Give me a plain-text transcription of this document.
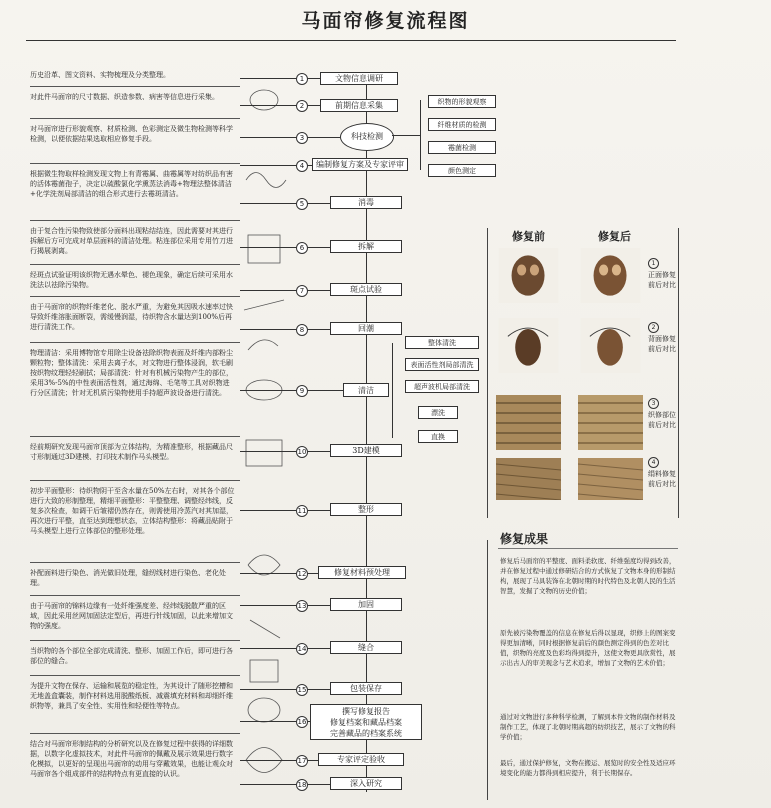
马面帘修复流程图
历史沿革、图文资料、实物梳理及分类整理。
对此件马面帘的尺寸数据、织造参数、病害等信息进行采集。
对马面帘进行形貌观察、材质检测、色彩测定及微生物检测等科学检测，以便依据结果选取相应修复手段。
根据微生物取样检测发现文物上有青霉属、曲霉属等对纺织品有害的活体霉菌孢子，决定以硫酸氯化学熏蒸法消毒+物理法整体清洁+化学洗剂局部清洁的组合形式进行去霉斑清洁。
由于复合性污染物致使部分面料出现粘结结连，因此需要对其进行拆解后方可完成对单层面料的清洁处理。粘连部位采用专用竹刀进行揭展剥离。
经斑点试验证明该织物无遇水晕色、褪色现象，确定后续可采用水洗法以祛除污染物。
由于马面帘的织物纤维老化、脱水严重，为避免其因吸水速率过快导致纤维溶胀面断裂，需缓慢润湿，待织物含水量达到100%后再进行清洗工作。
物理清洁：采用博物馆专用除尘设备祛除织物表面及纤维内部粉尘颗粒物；整体清洗：采用去离子水，对文物进行整体浸润，软毛刷按织物纹理轻轻刷拭；局部清洗：针对有机械污染物产生的部位，采用3%-5%的中性表面活性剂，通过海绵、毛笔等工具对织物进行分区清洗；针对无机质污染物使用手持超声波设备进行清洗。
经前期研究发现马面帘顶部为立体结构，为精准整形，根据藏品尺寸形制通过3D建模、打印技术制作马头模型。
初步平面整形：待织物阴干至含水量在50%左右时，对其各个部位进行大致的形制整理，精细平面整形：平整整理、调整经纬线，反复多次检查，如调干后皱褶仍然存在，则需使用冷蒸汽对其加湿，再次进行平整，直至达到理想状态，立体结构整形：将藏品贴附于马头模型上进行立体部位的整形处理。
补配面料进行染色、消光做旧处理，缝纫线材进行染色、老化处理。
由于马面帘的锦料边缘有一处纤维强度差、经纬线脱散严重的区域，因此采用丝网加固法定型后，再进行针线加固，以此来增加文物的强度。
当织物的各个部位全部完成清洗、整形、加固工作后，即可进行各部位的缝合。
为提升文物在保存、运输和展览的稳定性，为其设计了随形挖槽和无地盖盒囊装，制作材料选用脱酸纸板、减震填充材料和却细纤维织物等，兼具了安全性、实用性和轻便性等特点。
结合对马面帘形制结构的分析研究以及在修复过程中获得的详细数据，以数字化虚拟技术，对此件马面帘的佩戴及展示效果进行数字化模拟，以更好的呈现出马面帘的动用与穿戴效果，也能让观众对马面帘各个组成部件的结构特点有更直接的认识。
文物信息调研
1
前期信息采集
2
科技检测
3
编制修复方案及专家评审
4
消毒
5
拆解
6
斑点试验
7
回潮
8
清洁
9
3D建模
10
整形
11
修复材料预处理
12
加固
13
缝合
14
包装保存
15
撰写修复报告
修复档案和藏品档案
完善藏品的档案系统
16
专家评定验收
17
深入研究
18
织物的形貌观察
纤维材质的检测
霉菌检测
颜色测定
整体清洗
表面活性剂局部清洗
超声波机局部清洗
漂洗
直换
修复前	修复后
1
正面修复前后对比
2
背面修复前后对比
3
织修部位前后对比
4
绢料修复前后对比
修复成果

修复后马面帘的平整度、面料柔软度、纤维强度均得到改善，并在修复过程中通过修研结合的方式恢复了文物本身的形制结构，展现了马具装饰在北朝时期的时代特色及北朝人民的生活智慧，发掘了文物的历史价值；

原先被污染物覆盖的信息在修复后得以显现，织修上的图案变得更加清晰，同时根据修复前后的颜色测定得到的色差对比值，织物的亮度及色彩均得到提升，这使文物更具欣赏性，展示出古人的审美观念与艺术追求，增加了文物的艺术价值；

通过对文物进行多种科学检测，了解到本件文物的制作材料及制作工艺，体现了北朝时期高超的纺织技艺，展示了文物的科学价值；

最后，通过保护修复，文物在搬运、展览时的安全性及适应环境变化的能力都得到相应提升，利于长期保存。
